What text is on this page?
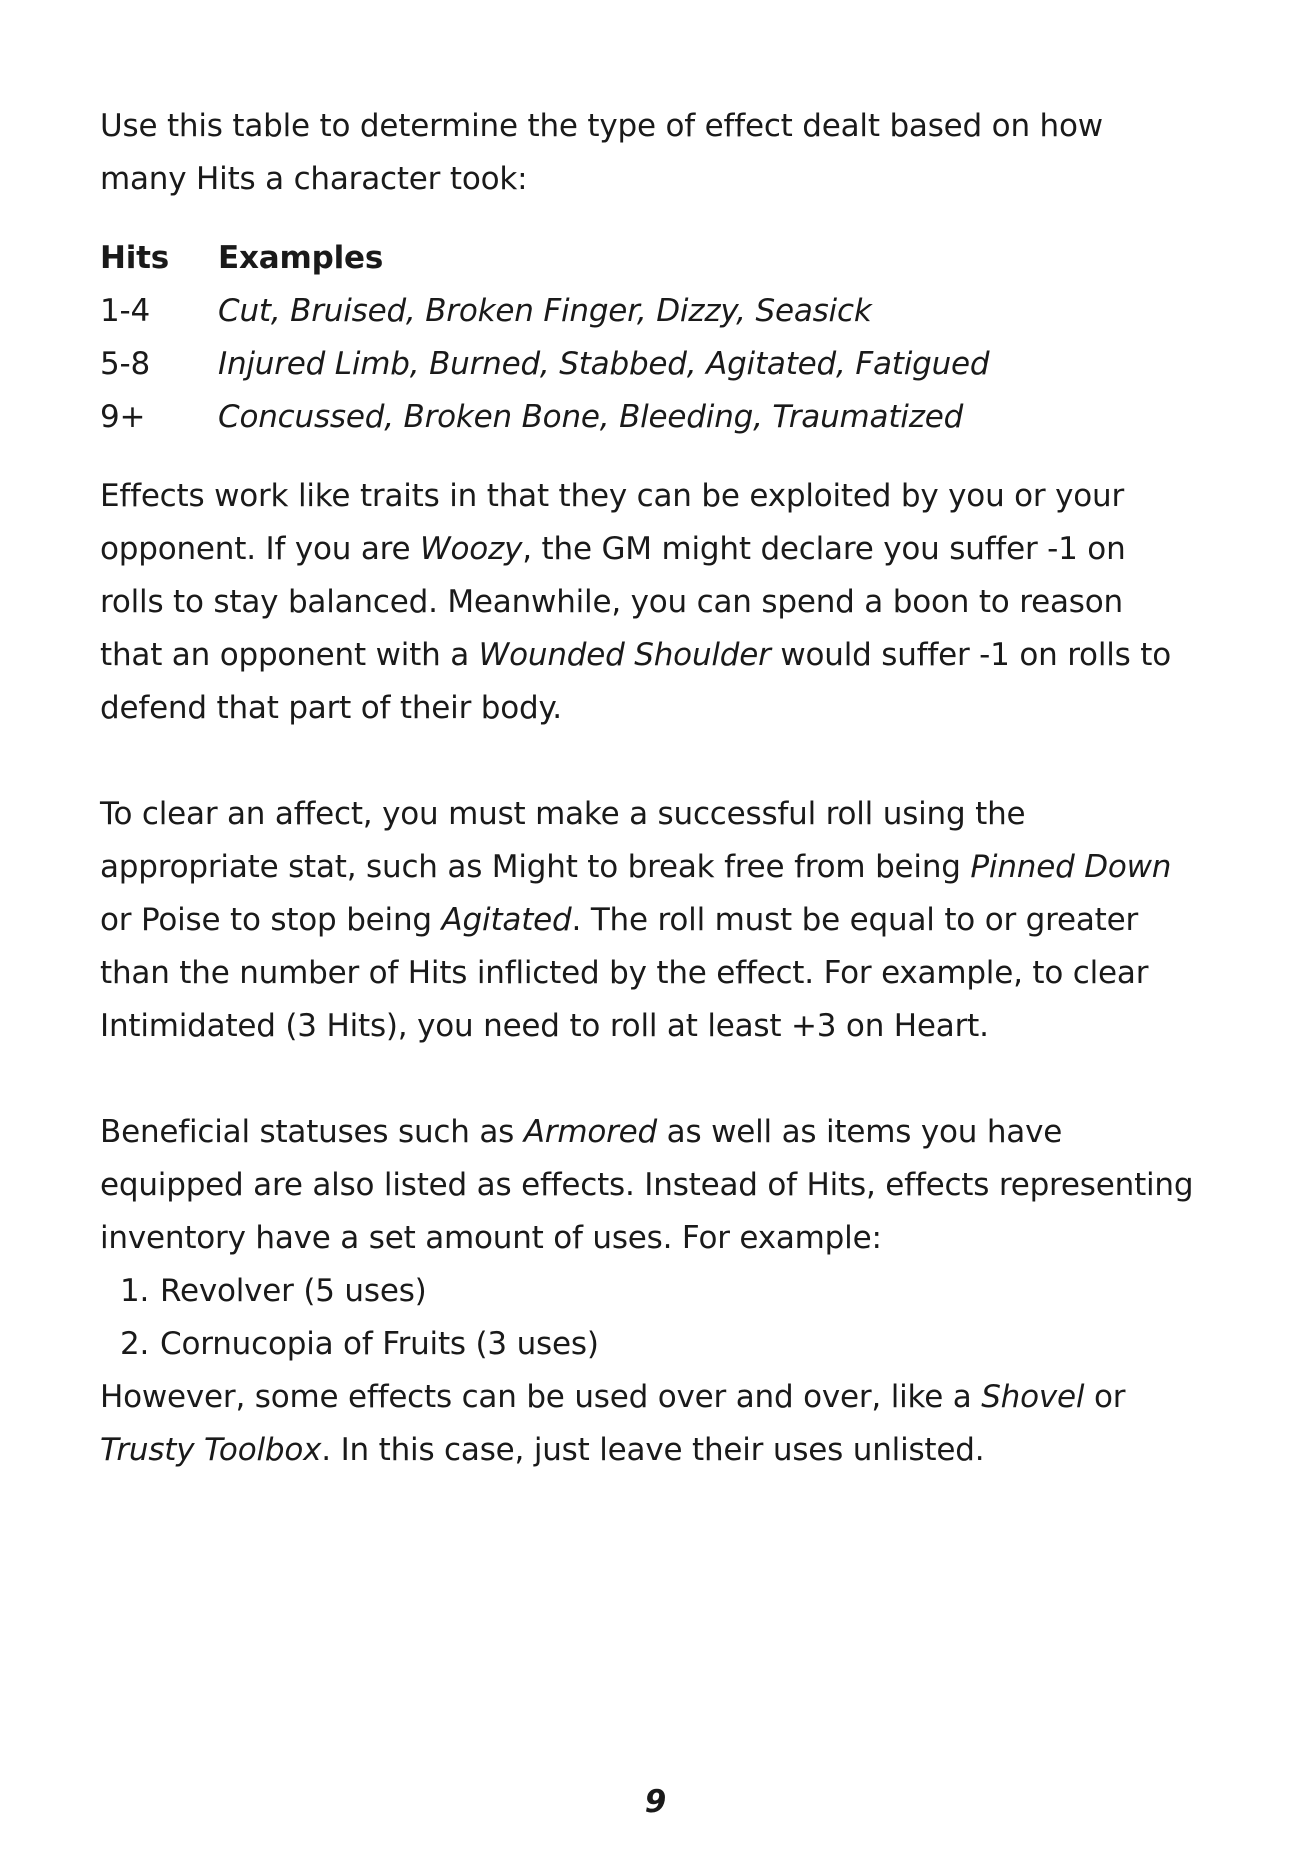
Use this table to determine the type of effect dealt based on how
many Hits a character took:
Hits	Examples
1-4	Cut, Bruised, Broken Finger, Dizzy, Seasick
5-8	Injured Limb, Burned, Stabbed, Agitated, Fatigued
9+	Concussed, Broken Bone, Bleeding, Traumatized
Effects work like traits in that they can be exploited by you or your
opponent. If you are Woozy, the GM might declare you suffer -1 on
rolls to stay balanced. Meanwhile, you can spend a boon to reason
that an opponent with a Wounded Shoulder would suffer -1 on rolls to
defend that part of their body.
To clear an affect, you must make a successful roll using the
appropriate stat, such as Might to break free from being Pinned Down
or Poise to stop being Agitated. The roll must be equal to or greater
than the number of Hits inflicted by the effect. For example, to clear
Intimidated (3 Hits), you need to roll at least +3 on Heart.
Beneficial statuses such as Armored as well as items you have
equipped are also listed as effects. Instead of Hits, effects representing
inventory have a set amount of uses. For example:
1. Revolver (5 uses)
2. Cornucopia of Fruits (3 uses)
However, some effects can be used over and over, like a Shovel or
Trusty Toolbox. In this case, just leave their uses unlisted.
9
